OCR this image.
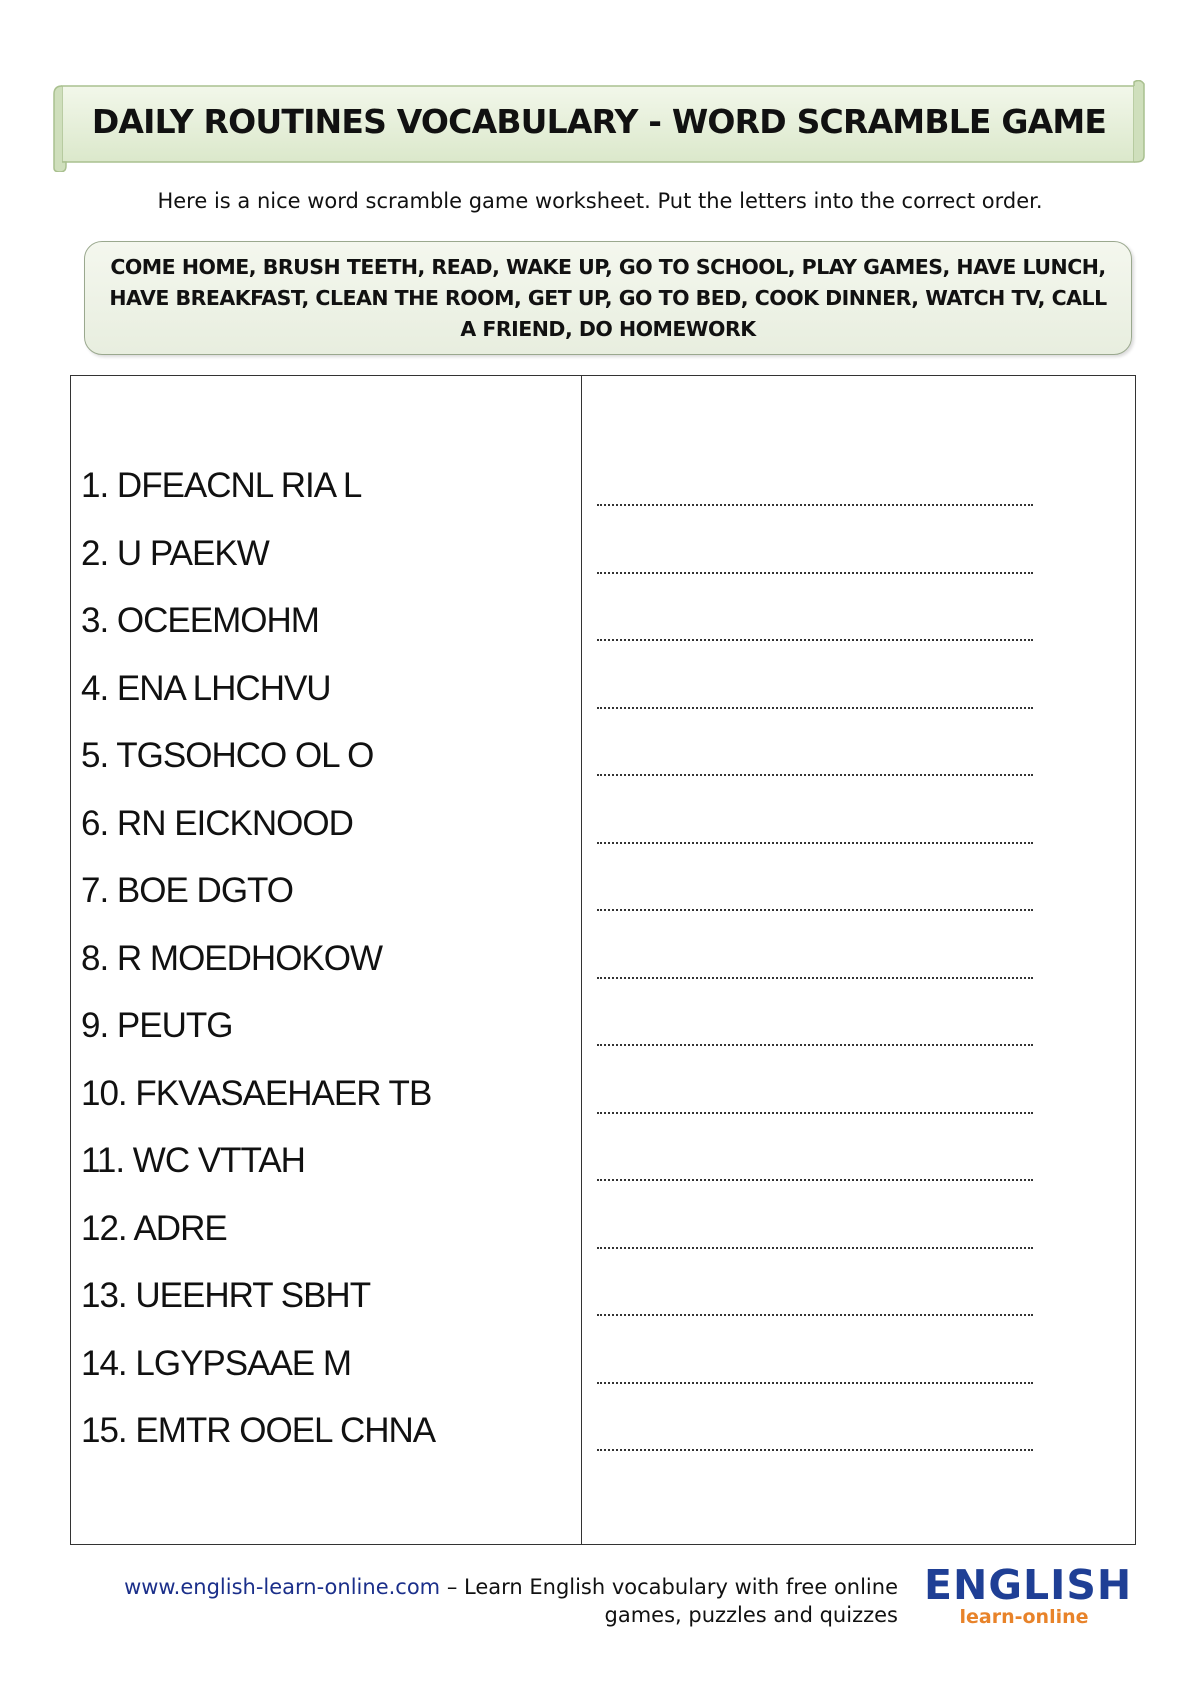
DAILY ROUTINES VOCABULARY - WORD SCRAMBLE GAME
Here is a nice word scramble game worksheet. Put the letters into the correct order.
COME HOME, BRUSH TEETH, READ, WAKE UP, GO TO SCHOOL, PLAY GAMES, HAVE LUNCH, HAVE BREAKFAST, CLEAN THE ROOM, GET UP, GO TO BED, COOK DINNER, WATCH TV, CALL A FRIEND, DO HOMEWORK
1. DFEACNL RIA L
2. U PAEKW
3. OCEEMOHM
4. ENA LHCHVU
5. TGSOHCO OL O
6. RN EICKNOOD
7. BOE DGTO
8. R MOEDHOKOW
9. PEUTG
10. FKVASAEHAER TB
11. WC VTTAH
12. ADRE
13. UEEHRT SBHT
14. LGYPSAAE M
15. EMTR OOEL CHNA
www.english-learn-online.com – Learn English vocabulary with free online
games, puzzles and quizzes
ENGLISH
learn-online
